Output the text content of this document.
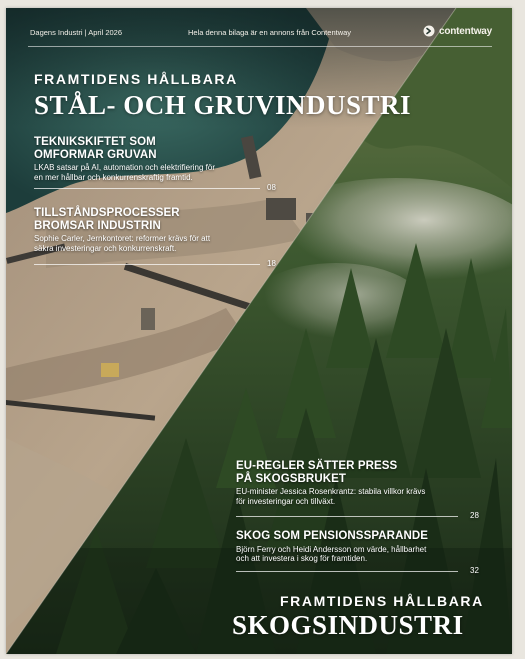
Dagens Industri | April 2026	Hela denna bilaga är en annons från Contentway	contentway
FRAMTIDENS HÅLLBARA
STÅL- OCH GRUVINDUSTRI
TEKNIKSKIFTET SOM
OMFORMAR GRUVAN

LKAB satsar på AI, automation och elektrifiering för
en mer hållbar och konkurrenskraftig framtid.

08
TILLSTÅNDSPROCESSER
BROMSAR INDUSTRIN

Sophie Carler, Jernkontoret: reformer krävs för att
säkra investeringar och konkurrenskraft.

18
EU-REGLER SÄTTER PRESS
PÅ SKOGSBRUKET

EU-minister Jessica Rosenkrantz: stabila villkor krävs
för investeringar och tillväxt.

28
SKOG SOM PENSIONSSPARANDE

Björn Ferry och Heidi Andersson om värde, hållbarhet
och att investera i skog för framtiden.

32
FRAMTIDENS HÅLLBARA
SKOGSINDUSTRI
